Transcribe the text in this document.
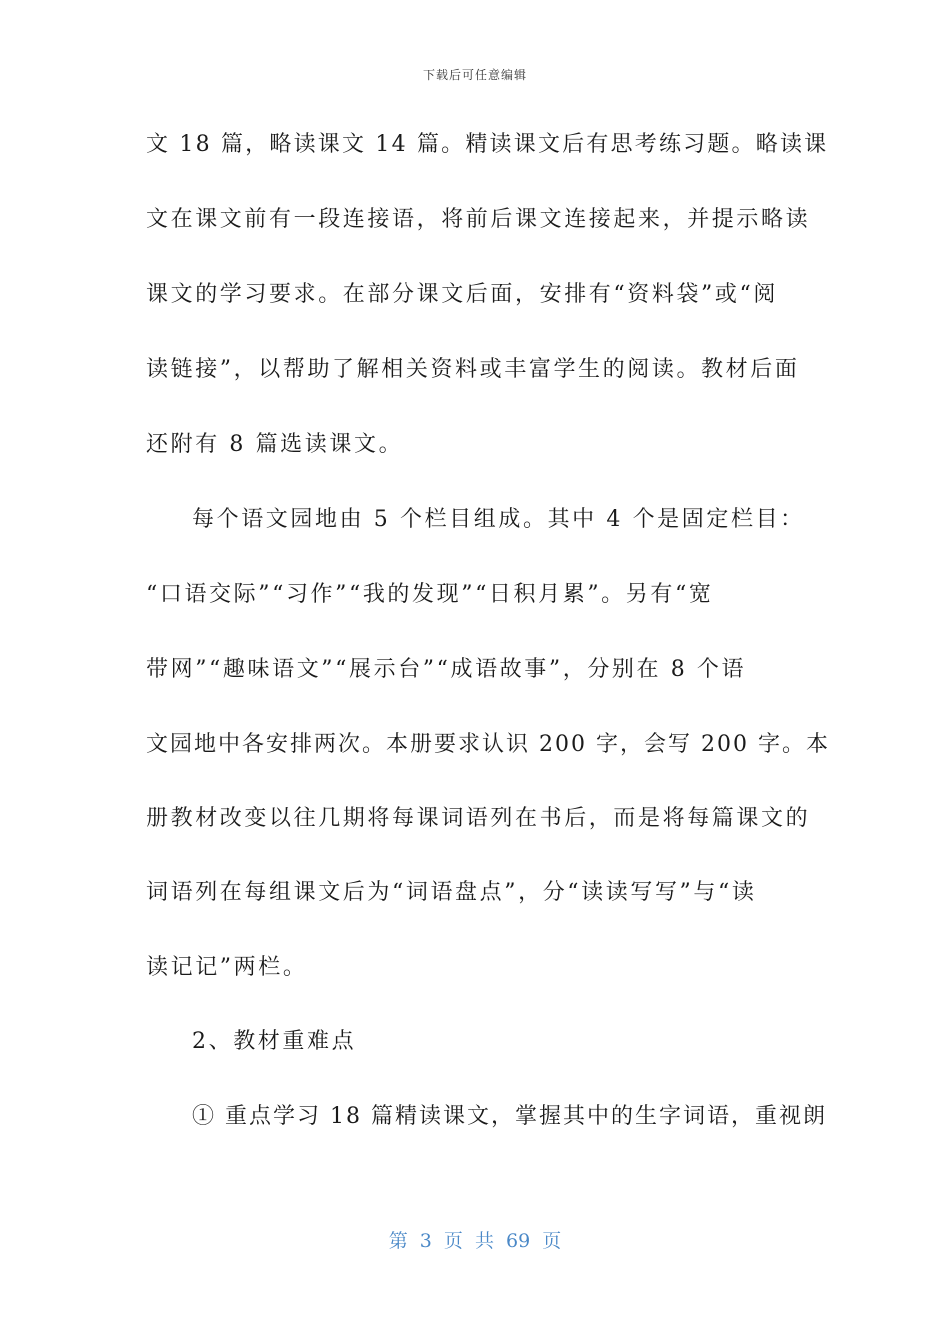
下载后可任意编辑
文 18 篇，略读课文 14 篇。精读课文后有思考练习题。略读课
文在课文前有一段连接语，将前后课文连接起来，并提示略读
课文的学习要求。在部分课文后面，安排有“资料袋”或“阅
读链接”，以帮助了解相关资料或丰富学生的阅读。教材后面
还附有 8 篇选读课文。
每个语文园地由 5 个栏目组成。其中 4 个是固定栏目：
“口语交际”“习作”“我的发现”“日积月累”。另有“宽
带网”“趣味语文”“展示台”“成语故事”，分别在 8 个语
文园地中各安排两次。本册要求认识 200 字，会写 200 字。本
册教材改变以往几期将每课词语列在书后，而是将每篇课文的
词语列在每组课文后为“词语盘点”，分“读读写写”与“读
读记记”两栏。
2、教材重难点
① 重点学习 18 篇精读课文，掌握其中的生字词语，重视朗
第 3 页 共 69 页
